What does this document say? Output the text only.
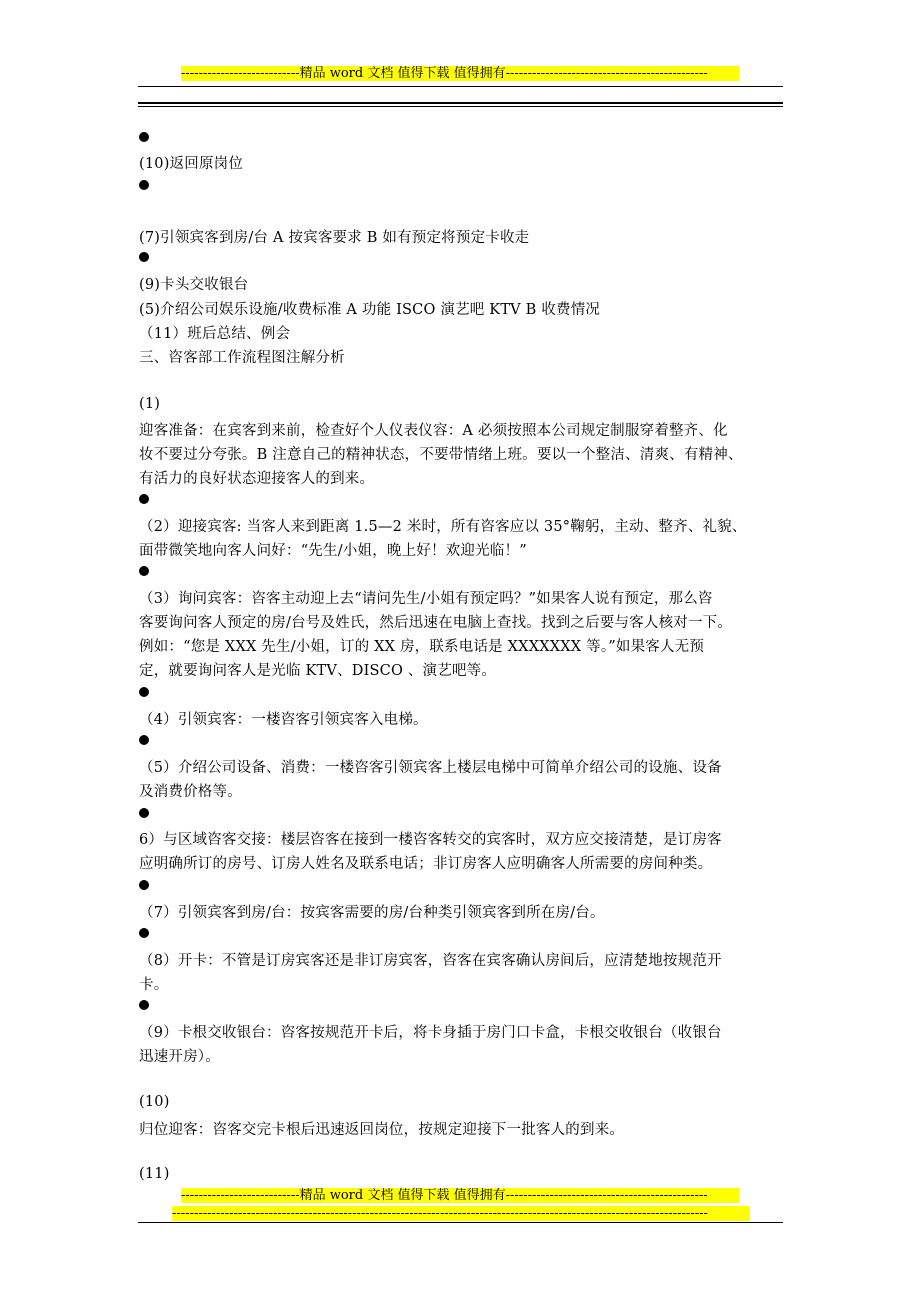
---------------------------精品 word 文档 值得下载 值得拥有----------------------------------------------
(10)返回原岗位
(7)引领宾客到房/台 A 按宾客要求 B 如有预定将预定卡收走
(9)卡头交收银台
(5)介绍公司娱乐设施/收费标准 A 功能 ISCO 演艺吧 KTV B 收费情况
（11）班后总结、例会
三、咨客部工作流程图注解分析
(1)
迎客准备：在宾客到来前，检查好个人仪表仪容：A 必须按照本公司规定制服穿着整齐、化
妆不要过分夸张。B 注意自己的精神状态，不要带情绪上班。要以一个整洁、清爽、有精神、
有活力的良好状态迎接客人的到来。
（2）迎接宾客: 当客人来到距离 1.5—2 米时，所有咨客应以 35°鞠躬，主动、整齐、礼貌、
面带微笑地向客人问好：“先生/小姐，晚上好！欢迎光临！”
（3）询问宾客：咨客主动迎上去“请问先生/小姐有预定吗？”如果客人说有预定，那么咨
客要询问客人预定的房/台号及姓氏，然后迅速在电脑上查找。找到之后要与客人核对一下。
例如：“您是 XXX 先生/小姐，订的 XX 房，联系电话是 XXXXXXX 等。”如果客人无预
定，就要询问客人是光临 KTV、DISCO 、演艺吧等。
（4）引领宾客：一楼咨客引领宾客入电梯。
（5）介绍公司设备、消费：一楼咨客引领宾客上楼层电梯中可简单介绍公司的设施、设备
及消费价格等。
6）与区域咨客交接：楼层咨客在接到一楼咨客转交的宾客时，双方应交接清楚，是订房客
应明确所订的房号、订房人姓名及联系电话；非订房客人应明确客人所需要的房间种类。
（7）引领宾客到房/台：按宾客需要的房/台种类引领宾客到所在房/台。
（8）开卡：不管是订房宾客还是非订房宾客，咨客在宾客确认房间后，应清楚地按规范开
卡。
（9）卡根交收银台：咨客按规范开卡后，将卡身插于房门口卡盒，卡根交收银台（收银台
迅速开房）。
(10)
归位迎客：咨客交完卡根后迅速返回岗位，按规定迎接下一批客人的到来。
(11)
---------------------------精品 word 文档 值得下载 值得拥有----------------------------------------------
--------------------------------------------------------------------------------------------------------------------------
